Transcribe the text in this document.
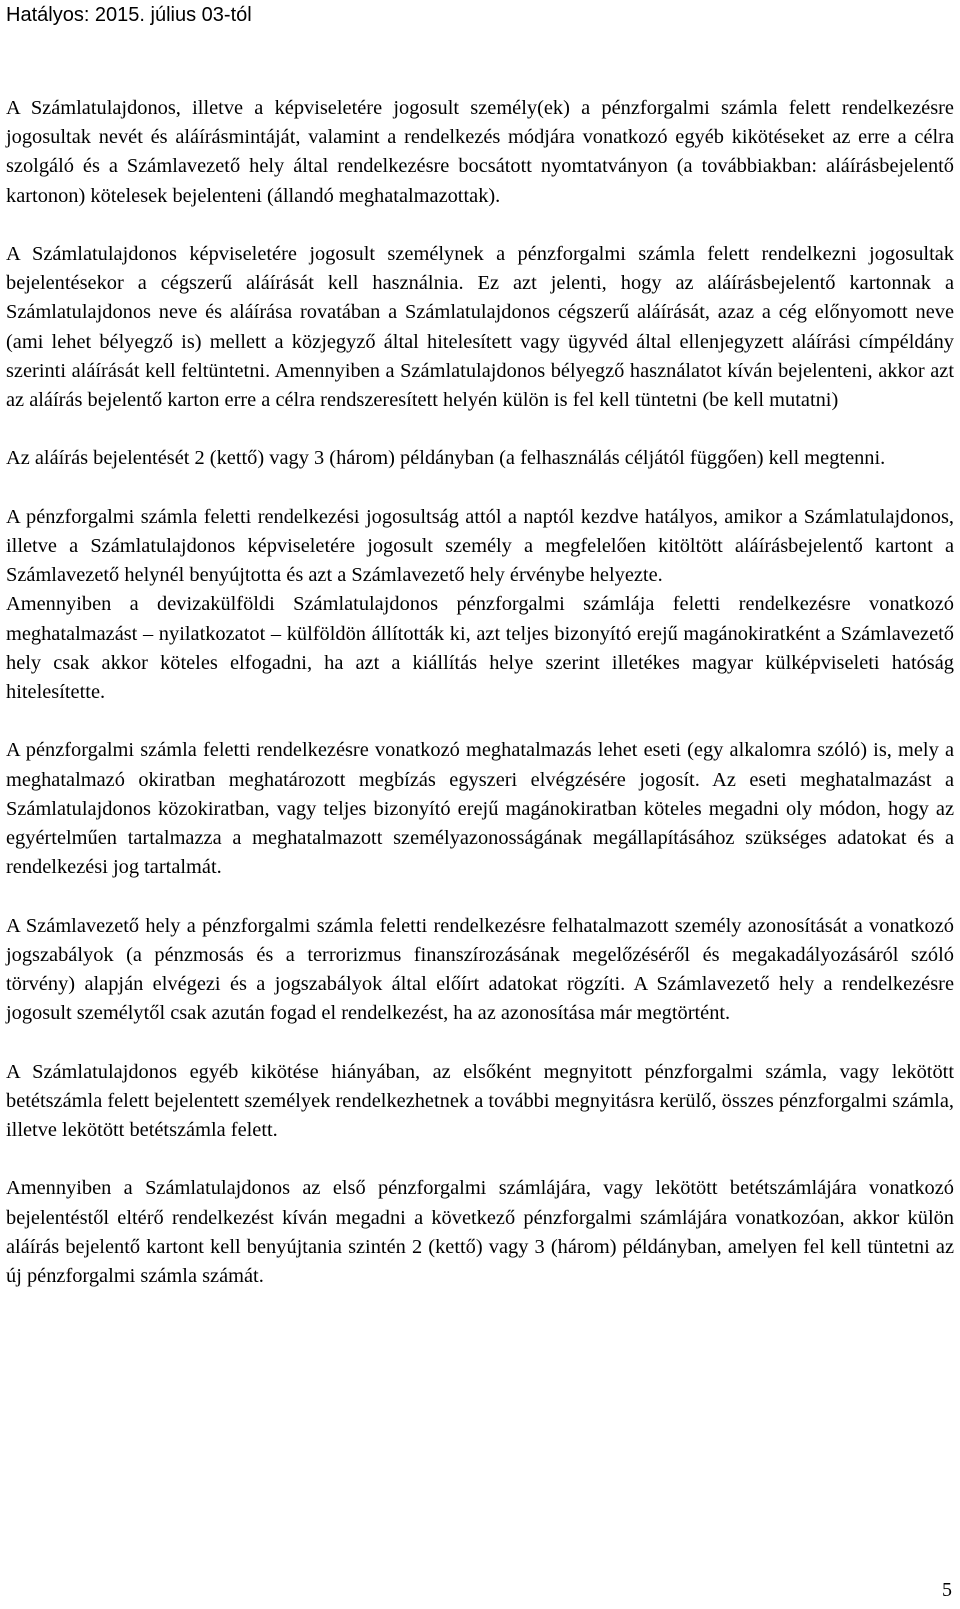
Hatályos: 2015. július 03-tól

A Számlatulajdonos, illetve a képviseletére jogosult személy(ek) a pénzforgalmi számla felett rendelkezésre jogosultak nevét és aláírásmintáját, valamint a rendelkezés módjára vonatkozó egyéb kikötéseket az erre a célra szolgáló és a Számlavezető hely által rendelkezésre bocsátott nyomtatványon (a továbbiakban: aláírásbejelentő kartonon) kötelesek bejelenteni (állandó meghatalmazottak).

A Számlatulajdonos képviseletére jogosult személynek a pénzforgalmi számla felett rendelkezni jogosultak bejelentésekor a cégszerű aláírását kell használnia. Ez azt jelenti, hogy az aláírásbejelentő kartonnak a Számlatulajdonos neve és aláírása rovatában a Számlatulajdonos cégszerű aláírását, azaz a cég előnyomott neve (ami lehet bélyegző is) mellett a közjegyző által hitelesített vagy ügyvéd által ellenjegyzett aláírási címpéldány szerinti aláírását kell feltüntetni. Amennyiben a Számlatulajdonos bélyegző használatot kíván bejelenteni, akkor azt az aláírás bejelentő karton erre a célra rendszeresített helyén külön is fel kell tüntetni (be kell mutatni)

Az aláírás bejelentését 2 (kettő) vagy 3 (három) példányban (a felhasználás céljától függően) kell megtenni.

A pénzforgalmi számla feletti rendelkezési jogosultság attól a naptól kezdve hatályos, amikor a Számlatulajdonos, illetve a Számlatulajdonos képviseletére jogosult személy a megfelelően kitöltött aláírásbejelentő kartont a Számlavezető helynél benyújtotta és azt a Számlavezető hely érvénybe helyezte.

Amennyiben a devizakülföldi Számlatulajdonos pénzforgalmi számlája feletti rendelkezésre vonatkozó meghatalmazást – nyilatkozatot – külföldön állították ki, azt teljes bizonyító erejű magánokiratként a Számlavezető hely csak akkor köteles elfogadni, ha azt a kiállítás helye szerint illetékes magyar külképviseleti hatóság hitelesítette.

A pénzforgalmi számla feletti rendelkezésre vonatkozó meghatalmazás lehet eseti (egy alkalomra szóló) is, mely a meghatalmazó okiratban meghatározott megbízás egyszeri elvégzésére jogosít. Az eseti meghatalmazást a Számlatulajdonos közokiratban, vagy teljes bizonyító erejű magánokiratban köteles megadni oly módon, hogy az egyértelműen tartalmazza a meghatalmazott személyazonosságának megállapításához szükséges adatokat és a rendelkezési jog tartalmát.

A Számlavezető hely a pénzforgalmi számla feletti rendelkezésre felhatalmazott személy azonosítását a vonatkozó jogszabályok (a pénzmosás és a terrorizmus finanszírozásának megelőzéséről és megakadályozásáról szóló törvény) alapján elvégezi és a jogszabályok által előírt adatokat rögzíti. A Számlavezető hely a rendelkezésre jogosult személytől csak azután fogad el rendelkezést, ha az azonosítása már megtörtént.

A Számlatulajdonos egyéb kikötése hiányában, az elsőként megnyitott pénzforgalmi számla, vagy lekötött betétszámla felett bejelentett személyek rendelkezhetnek a további megnyitásra kerülő, összes pénzforgalmi számla, illetve lekötött betétszámla felett.

Amennyiben a Számlatulajdonos az első pénzforgalmi számlájára, vagy lekötött betétszámlájára vonatkozó bejelentéstől eltérő rendelkezést kíván megadni a következő pénzforgalmi számlájára vonatkozóan, akkor külön aláírás bejelentő kartont kell benyújtania szintén 2 (kettő) vagy 3 (három) példányban, amelyen fel kell tüntetni az új pénzforgalmi számla számát.

5
